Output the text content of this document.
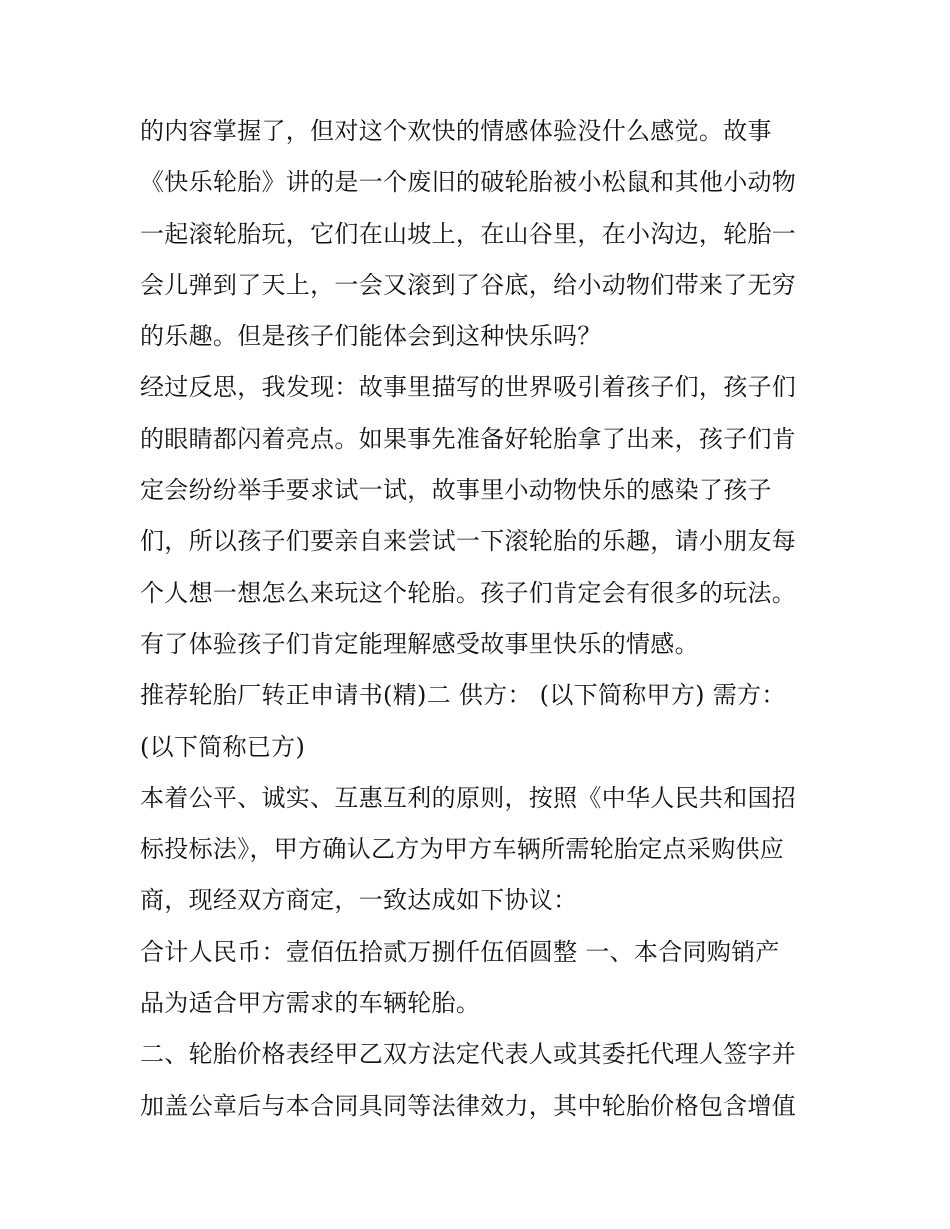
的内容掌握了，但对这个欢快的情感体验没什么感觉。故事
《快乐轮胎》讲的是一个废旧的破轮胎被小松鼠和其他小动物
一起滚轮胎玩，它们在山坡上，在山谷里，在小沟边，轮胎一
会儿弹到了天上，一会又滚到了谷底，给小动物们带来了无穷
的乐趣。但是孩子们能体会到这种快乐吗？
经过反思，我发现：故事里描写的世界吸引着孩子们，孩子们
的眼睛都闪着亮点。如果事先准备好轮胎拿了出来，孩子们肯
定会纷纷举手要求试一试，故事里小动物快乐的感染了孩子
们，所以孩子们要亲自来尝试一下滚轮胎的乐趣，请小朋友每
个人想一想怎么来玩这个轮胎。孩子们肯定会有很多的玩法。
有了体验孩子们肯定能理解感受故事里快乐的情感。
推荐轮胎厂转正申请书(精)二 供方： (以下简称甲方) 需方：
(以下简称已方)
本着公平、诚实、互惠互利的原则，按照《中华人民共和国招
标投标法》，甲方确认乙方为甲方车辆所需轮胎定点采购供应
商，现经双方商定，一致达成如下协议：
合计人民币：壹佰伍拾贰万捌仟伍佰圆整 一、本合同购销产
品为适合甲方需求的车辆轮胎。
二、轮胎价格表经甲乙双方法定代表人或其委托代理人签字并
加盖公章后与本合同具同等法律效力，其中轮胎价格包含增值
